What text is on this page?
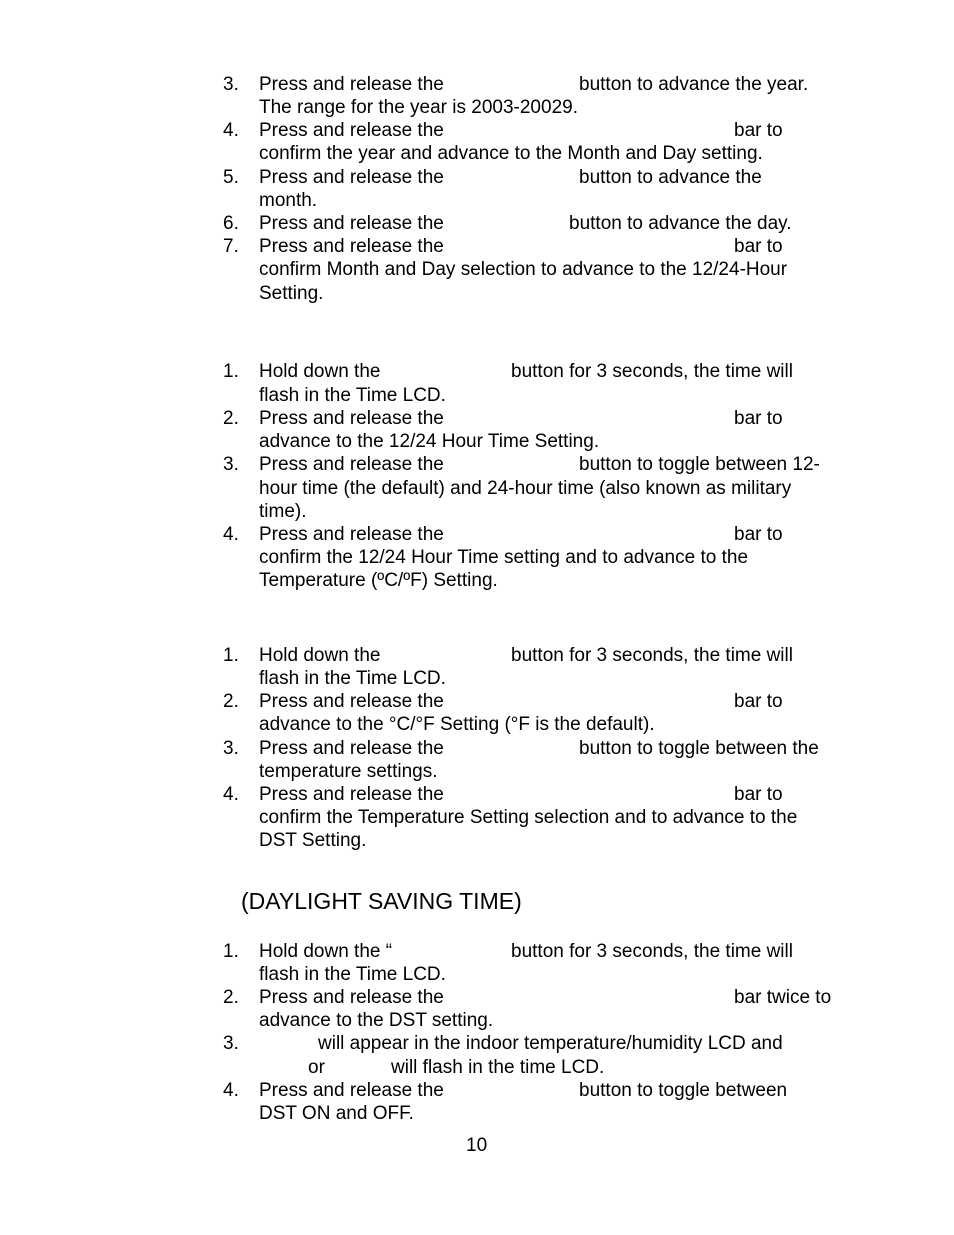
3. Press and release the	button to advance the year.
The range for the year is 2003-20029.
4. Press and release the	bar to
confirm the year and advance to the Month and Day setting.
5. Press and release the	button to advance the
month.
6. Press and release the	button to advance the day.
7. Press and release the	bar to
confirm Month and Day selection to advance to the 12/24-Hour
Setting.
1. Hold down the	button for 3 seconds, the time will
flash in the Time LCD.
2. Press and release the	bar to
advance to the 12/24 Hour Time Setting.
3. Press and release the	button to toggle between 12-
hour time (the default) and 24-hour time (also known as military
time).
4. Press and release the	bar to
confirm the 12/24 Hour Time setting and to advance to the
Temperature (ºC/ºF) Setting.
1. Hold down the	button for 3 seconds, the time will
flash in the Time LCD.
2. Press and release the	bar to
advance to the °C/°F Setting (°F is the default).
3. Press and release the	button to toggle between the
temperature settings.
4. Press and release the	bar to
confirm the Temperature Setting selection and to advance to the
DST Setting.
(DAYLIGHT SAVING TIME)
1. Hold down the “	button for 3 seconds, the time will
flash in the Time LCD.
2. Press and release the	bar twice to
advance to the DST setting.
3.	will appear in the indoor temperature/humidity LCD and
or	will flash in the time LCD.
4. Press and release the	button to toggle between
DST ON and OFF.
10
